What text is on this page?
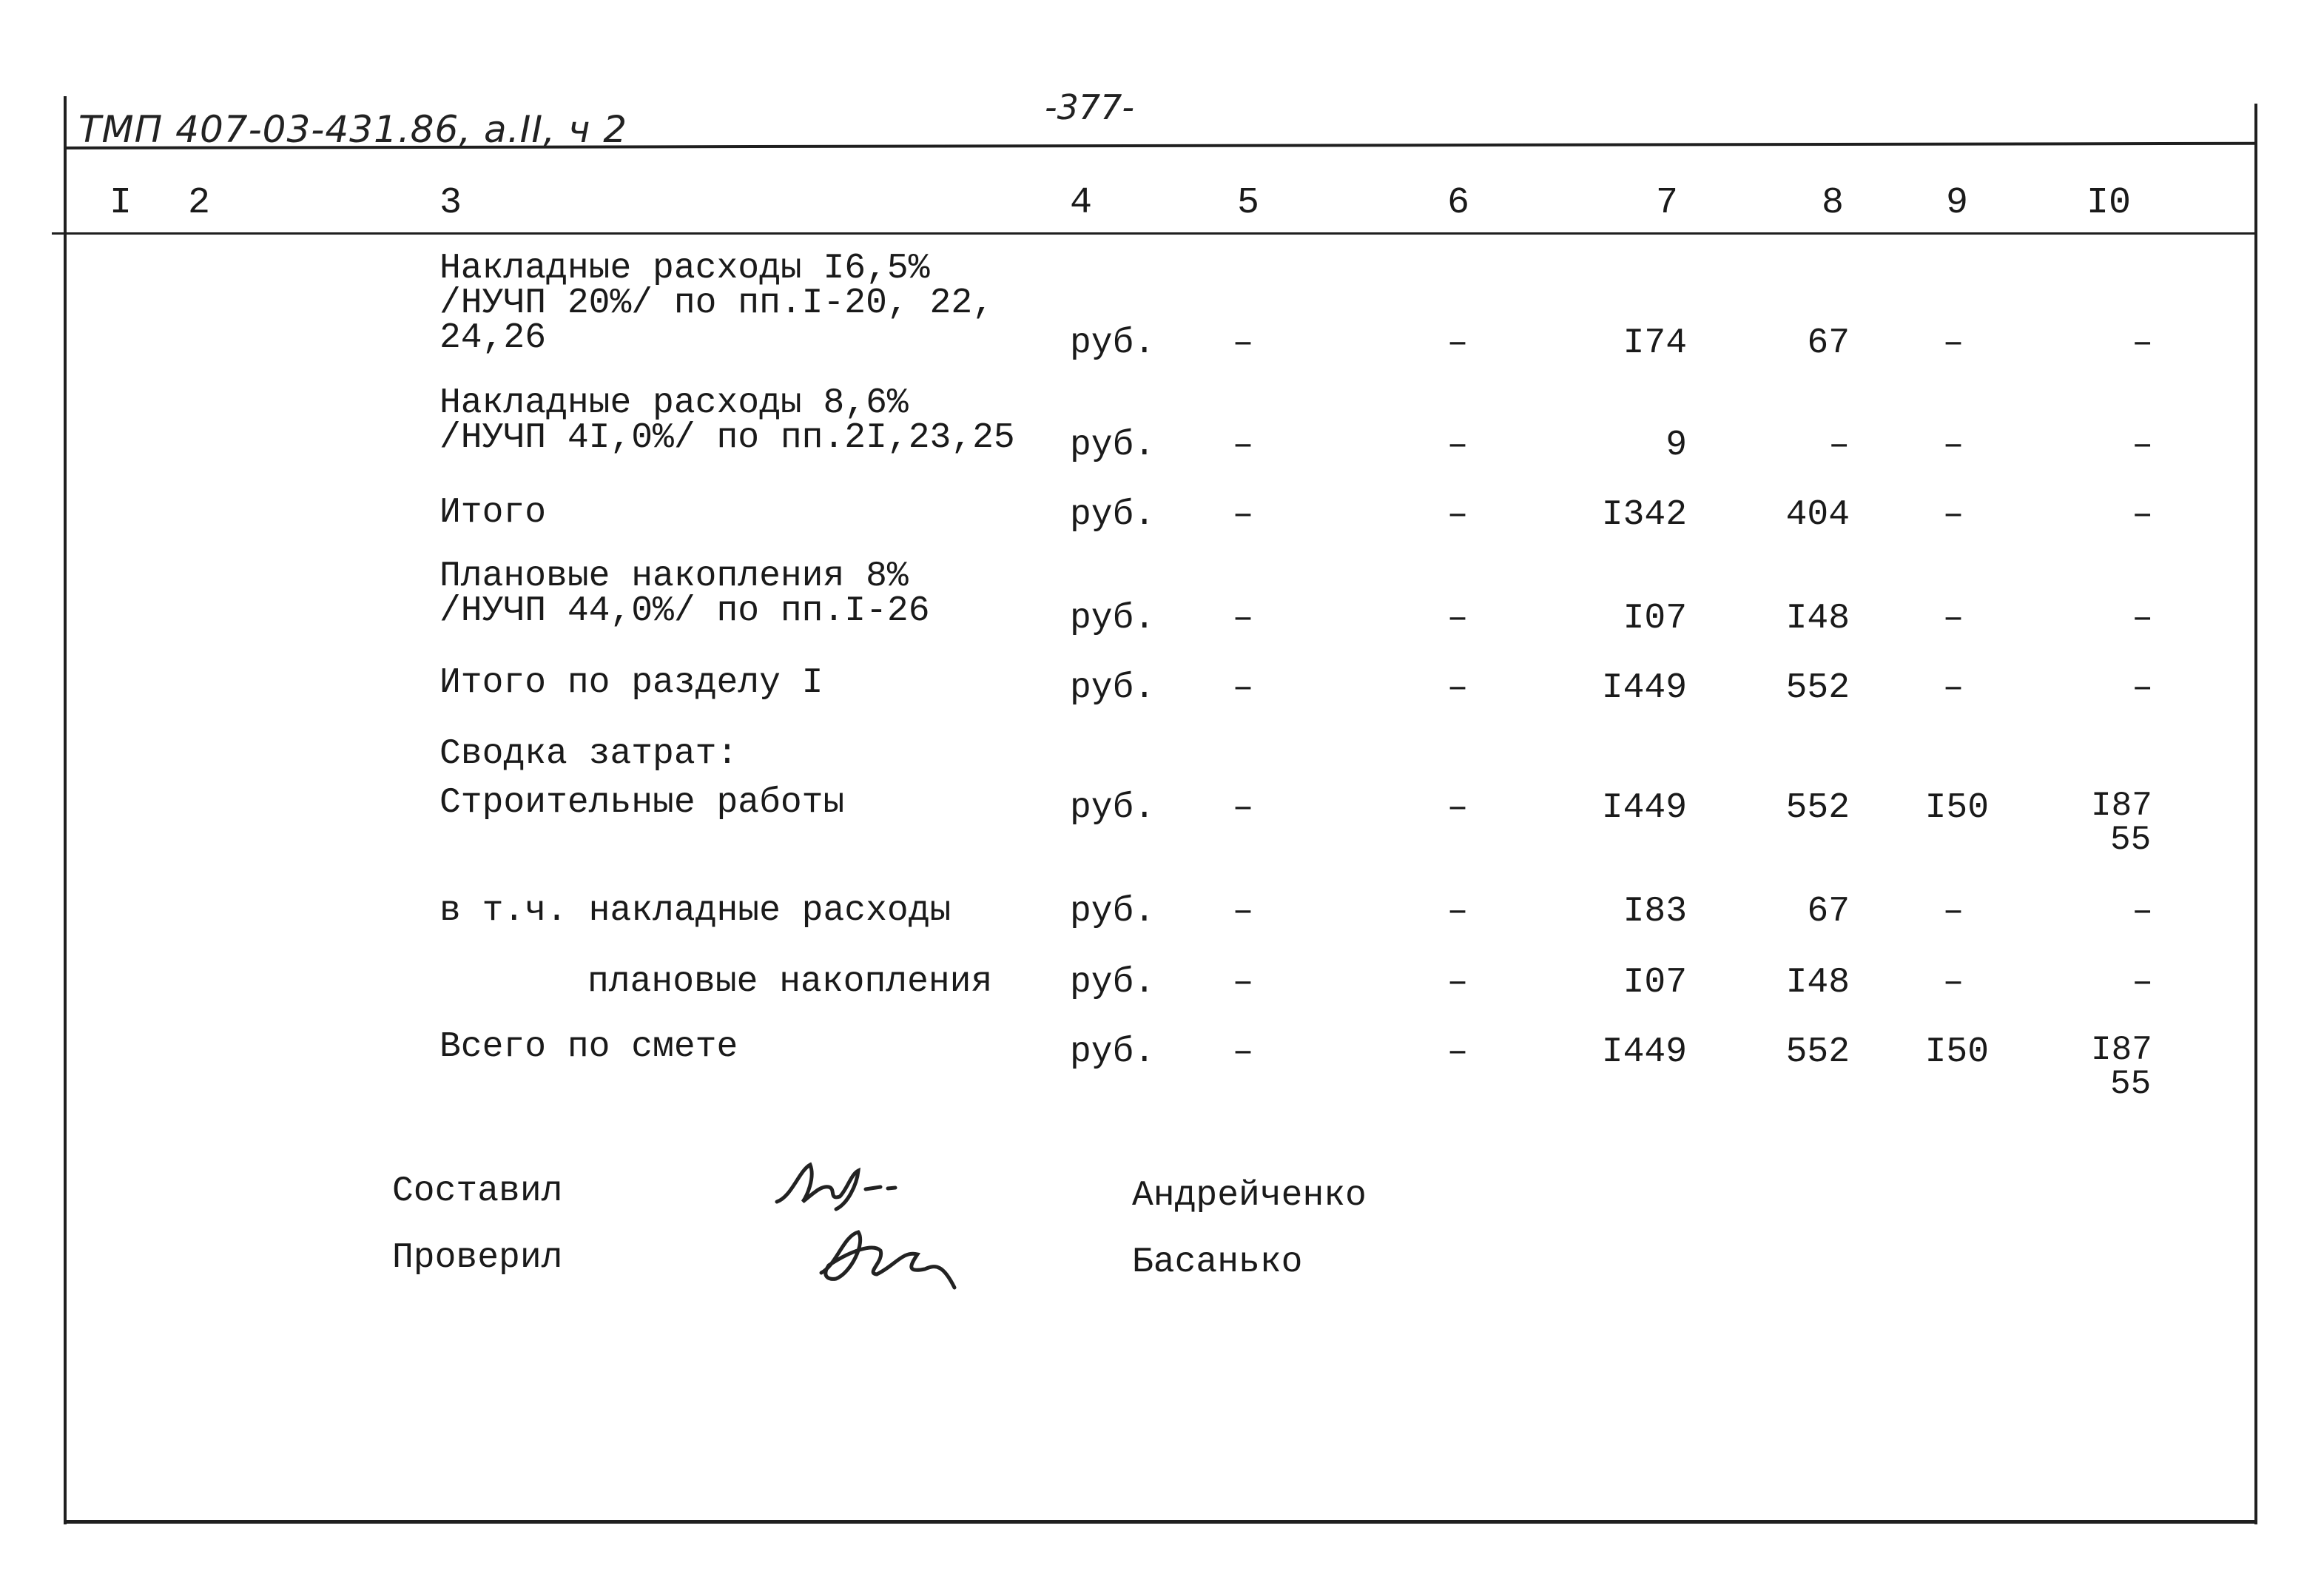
ТМП 407-03-431.86, а.II, ч 2
-377-
I 2	3	4	5	6	7	8	9	I0
Накладные расходы I6,5%
/НУЧП 20%/ по пп.I-20, 22,
24,26	руб. –	–	I74	67	–	–
Накладные расходы 8,6%
/НУЧП 4I,0%/ по пп.2I,23,25 руб. –	–	9	–	–	–
Итого	руб. –	–	I342	404	–	–
Плановые накопления 8%
/НУЧП 44,0%/ по пп.I-26	руб. –	–	I07	I48	–	–
Итого по разделу I	руб. –	–	I449	552	–	–
Сводка затрат:
Строительные работы	руб. –	–	I449	552	I50	I87
55
в т.ч. накладные расходы	руб. –	–	I83	67	–	–
плановые накопления руб. –	–	I07	I48	–	–
Всего по смете	руб. –	–	I449	552	I50	I87
55
Составил	Андрейченко
Проверил	Басанько
